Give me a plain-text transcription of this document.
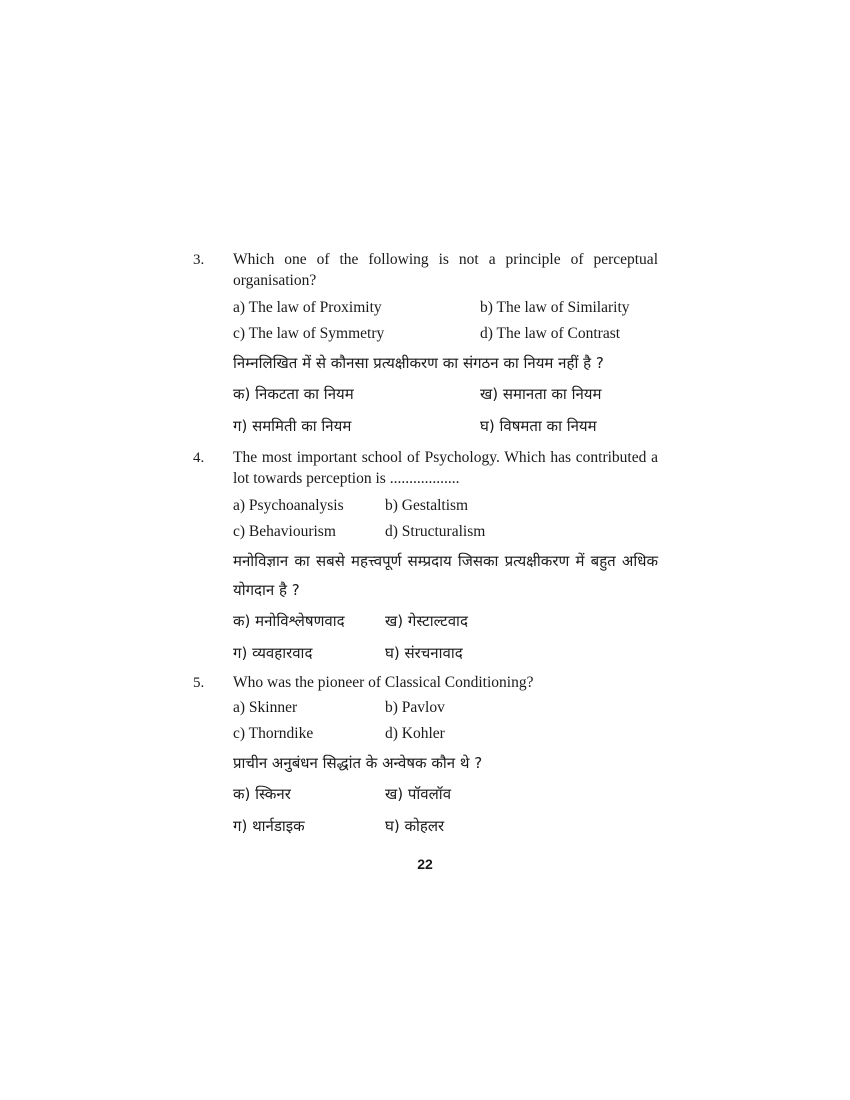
3. Which one of the following is not a principle of perceptual organisation?

a) The law of Proximity	b) The law of Similarity
c) The law of Symmetry	d) The law of Contrast

निम्नलिखित में से कौनसा प्रत्यक्षीकरण का संगठन का नियम नहीं है ?

क) निकटता का नियम	ख) समानता का नियम
ग) सममिती का नियम	घ) विषमता का नियम
4. The most important school of Psychology. Which has contributed a lot towards perception is ..................

a) Psychoanalysis	b) Gestaltism
c) Behaviourism	d) Structuralism

मनोविज्ञान का सबसे महत्त्वपूर्ण सम्प्रदाय जिसका प्रत्यक्षीकरण में बहुत अधिक योगदान है ?

क) मनोविश्लेषणवाद	ख) गेस्टाल्टवाद
ग) व्यवहारवाद	घ) संरचनावाद
5. Who was the pioneer of Classical Conditioning?

a) Skinner	b) Pavlov
c) Thorndike	d) Kohler

प्राचीन अनुबंधन सिद्धांत के अन्वेषक कौन थे ?

क) स्किनर	ख) पॉवलॉव
ग) थार्नडाइक	घ) कोहलर
22
